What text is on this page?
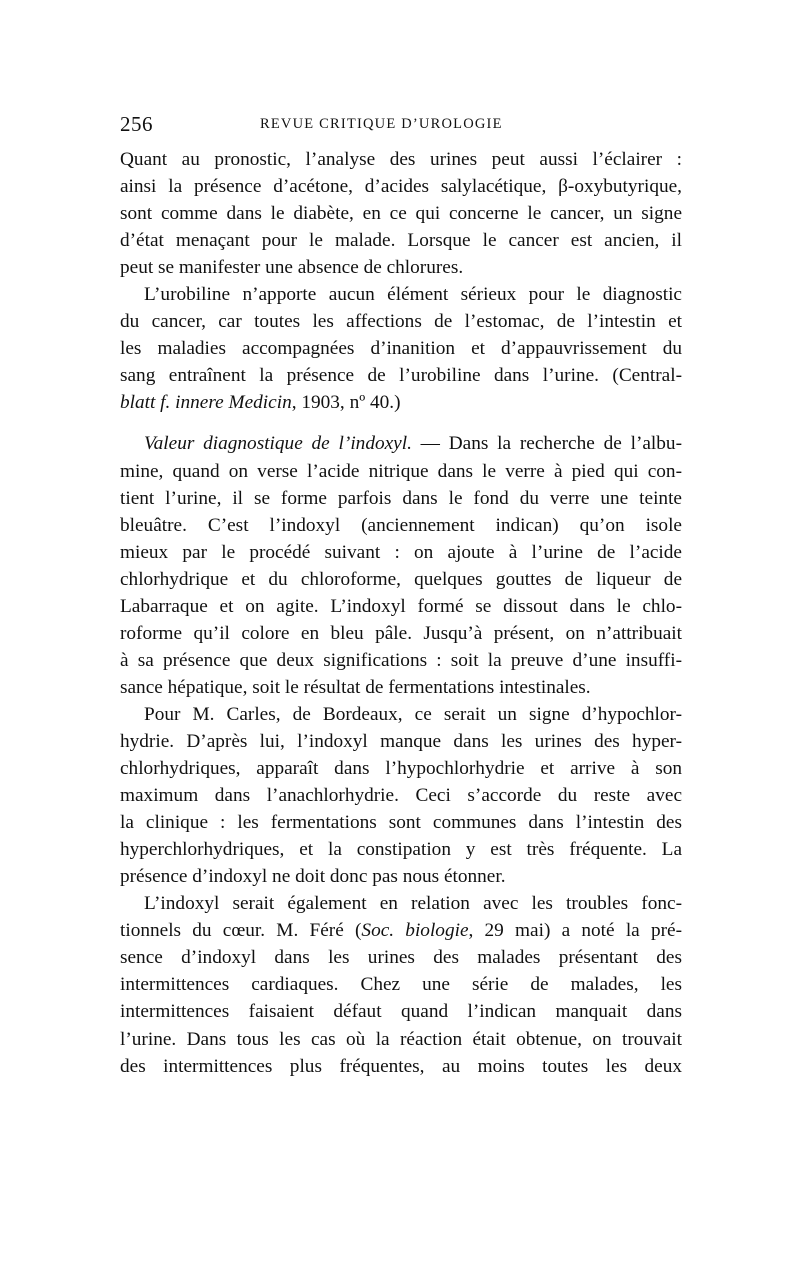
256	REVUE CRITIQUE D’UROLOGIE
Quant au pronostic, l’analyse des urines peut aussi l’éclairer :
ainsi la présence d’acétone, d’acides salylacétique, β-oxybutyrique,
sont comme dans le diabète, en ce qui concerne le cancer, un signe
d’état menaçant pour le malade. Lorsque le cancer est ancien, il
peut se manifester une absence de chlorures.
L’urobiline n’apporte aucun élément sérieux pour le diagnostic
du cancer, car toutes les affections de l’estomac, de l’intestin et
les maladies accompagnées d’inanition et d’appauvrissement du
sang entraînent la présence de l’urobiline dans l’urine. (Central-
blatt f. innere Medicin, 1903, nº 40.)
Valeur diagnostique de l’indoxyl. — Dans la recherche de l’albu-
mine, quand on verse l’acide nitrique dans le verre à pied qui con-
tient l’urine, il se forme parfois dans le fond du verre une teinte
bleuâtre. C’est l’indoxyl (anciennement indican) qu’on isole
mieux par le procédé suivant : on ajoute à l’urine de l’acide
chlorhydrique et du chloroforme, quelques gouttes de liqueur de
Labarraque et on agite. L’indoxyl formé se dissout dans le chlo-
roforme qu’il colore en bleu pâle. Jusqu’à présent, on n’attribuait
à sa présence que deux significations : soit la preuve d’une insuffi-
sance hépatique, soit le résultat de fermentations intestinales.
Pour M. Carles, de Bordeaux, ce serait un signe d’hypochlor-
hydrie. D’après lui, l’indoxyl manque dans les urines des hyper-
chlorhydriques, apparaît dans l’hypochlorhydrie et arrive à son
maximum dans l’anachlorhydrie. Ceci s’accorde du reste avec
la clinique : les fermentations sont communes dans l’intestin des
hyperchlorhydriques, et la constipation y est très fréquente. La
présence d’indoxyl ne doit donc pas nous étonner.
L’indoxyl serait également en relation avec les troubles fonc-
tionnels du cœur. M. Féré (Soc. biologie, 29 mai) a noté la pré-
sence d’indoxyl dans les urines des malades présentant des
intermittences cardiaques. Chez une série de malades, les
intermittences faisaient défaut quand l’indican manquait dans
l’urine. Dans tous les cas où la réaction était obtenue, on trouvait
des intermittences plus fréquentes, au moins toutes les deux
